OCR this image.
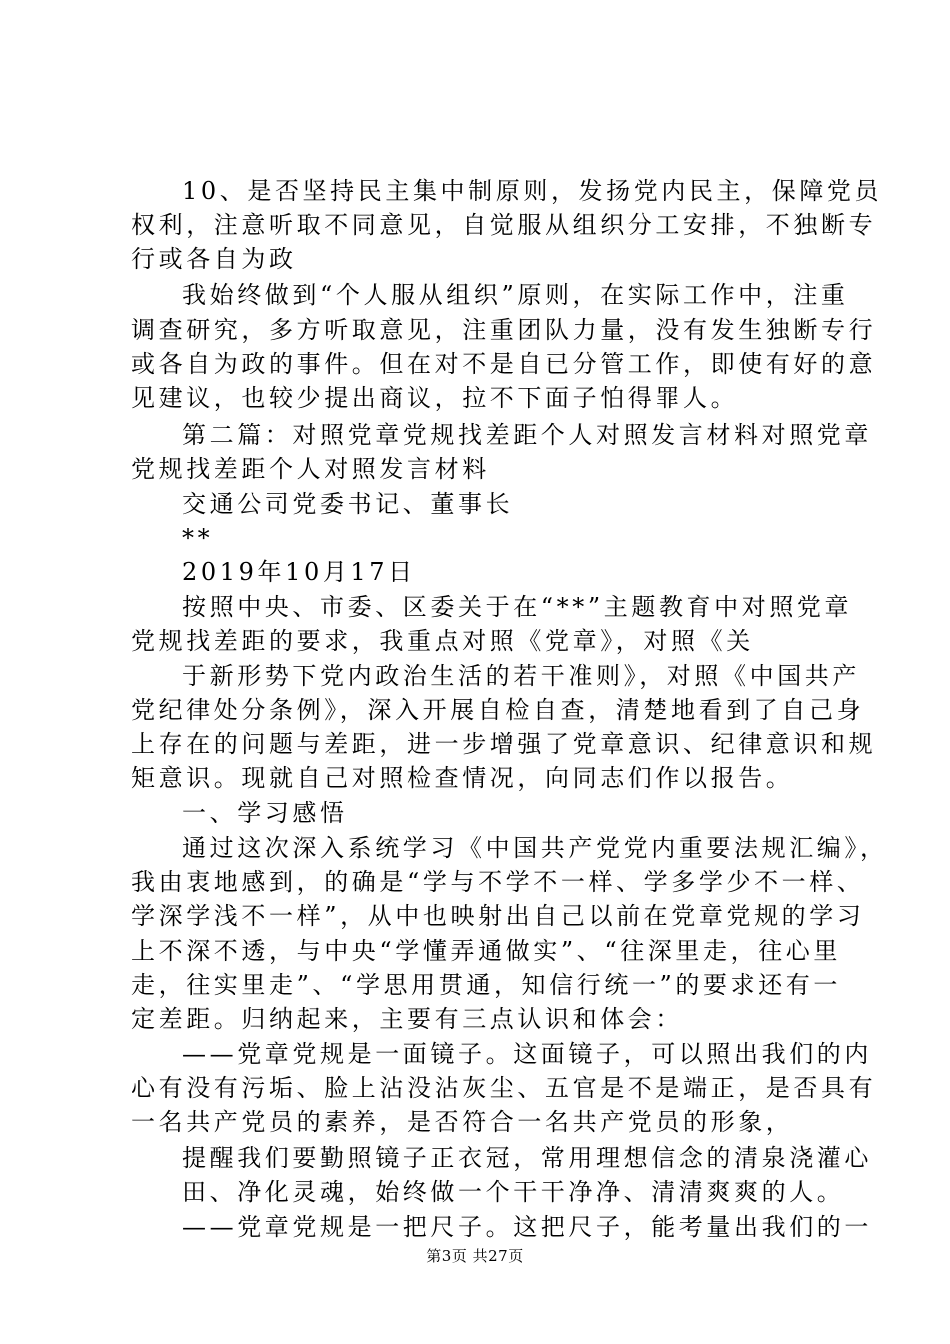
10、是否坚持民主集中制原则，发扬党内民主，保障党员
权利，注意听取不同意见，自觉服从组织分工安排，不独断专
行或各自为政
我始终做到“个人服从组织”原则，在实际工作中，注重
调查研究，多方听取意见，注重团队力量，没有发生独断专行
或各自为政的事件。但在对不是自已分管工作，即使有好的意
见建议，也较少提出商议，拉不下面子怕得罪人。
第二篇：对照党章党规找差距个人对照发言材料对照党章
党规找差距个人对照发言材料
交通公司党委书记、董事长
**
2019年10月17日
按照中央、市委、区委关于在“**”主题教育中对照党章
党规找差距的要求，我重点对照《党章》，对照《关
于新形势下党内政治生活的若干准则》，对照《中国共产
党纪律处分条例》，深入开展自检自查，清楚地看到了自己身
上存在的问题与差距，进一步增强了党章意识、纪律意识和规
矩意识。现就自己对照检查情况，向同志们作以报告。
一、学习感悟
通过这次深入系统学习《中国共产党党内重要法规汇编》，
我由衷地感到，的确是“学与不学不一样、学多学少不一样、
学深学浅不一样”，从中也映射出自己以前在党章党规的学习
上不深不透，与中央“学懂弄通做实”、“往深里走，往心里
走，往实里走”、“学思用贯通，知信行统一”的要求还有一
定差距。归纳起来，主要有三点认识和体会：
——党章党规是一面镜子。这面镜子，可以照出我们的内
心有没有污垢、脸上沾没沾灰尘、五官是不是端正，是否具有
一名共产党员的素养，是否符合一名共产党员的形象，
提醒我们要勤照镜子正衣冠，常用理想信念的清泉浇灌心
田、净化灵魂，始终做一个干干净净、清清爽爽的人。
——党章党规是一把尺子。这把尺子，能考量出我们的一
第3页 共27页
